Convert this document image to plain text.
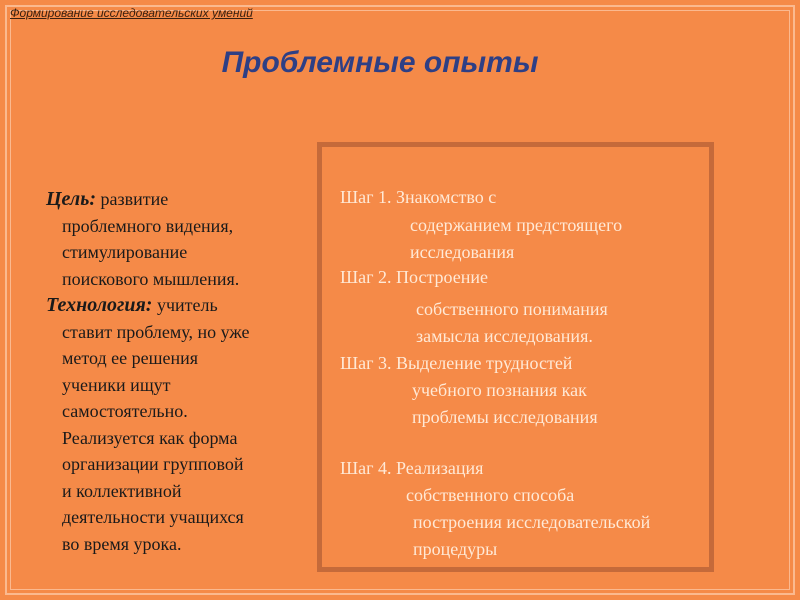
Формирование исследовательских умений
Проблемные опыты
Цель: развитие
проблемного видения,
стимулирование
поискового мышления.
Технология: учитель
ставит проблему, но уже
метод ее решения
ученики ищут
самостоятельно.
Реализуется как форма
организации групповой
и коллективной
деятельности учащихся
во время урока.
Шаг 1. Знакомство с
содержанием предстоящего
исследования
Шаг 2. Построение
собственного понимания
замысла исследования.
Шаг 3. Выделение трудностей
учебного познания как
проблемы исследования
Шаг 4. Реализация
собственного способа
построения исследовательской
процедуры
